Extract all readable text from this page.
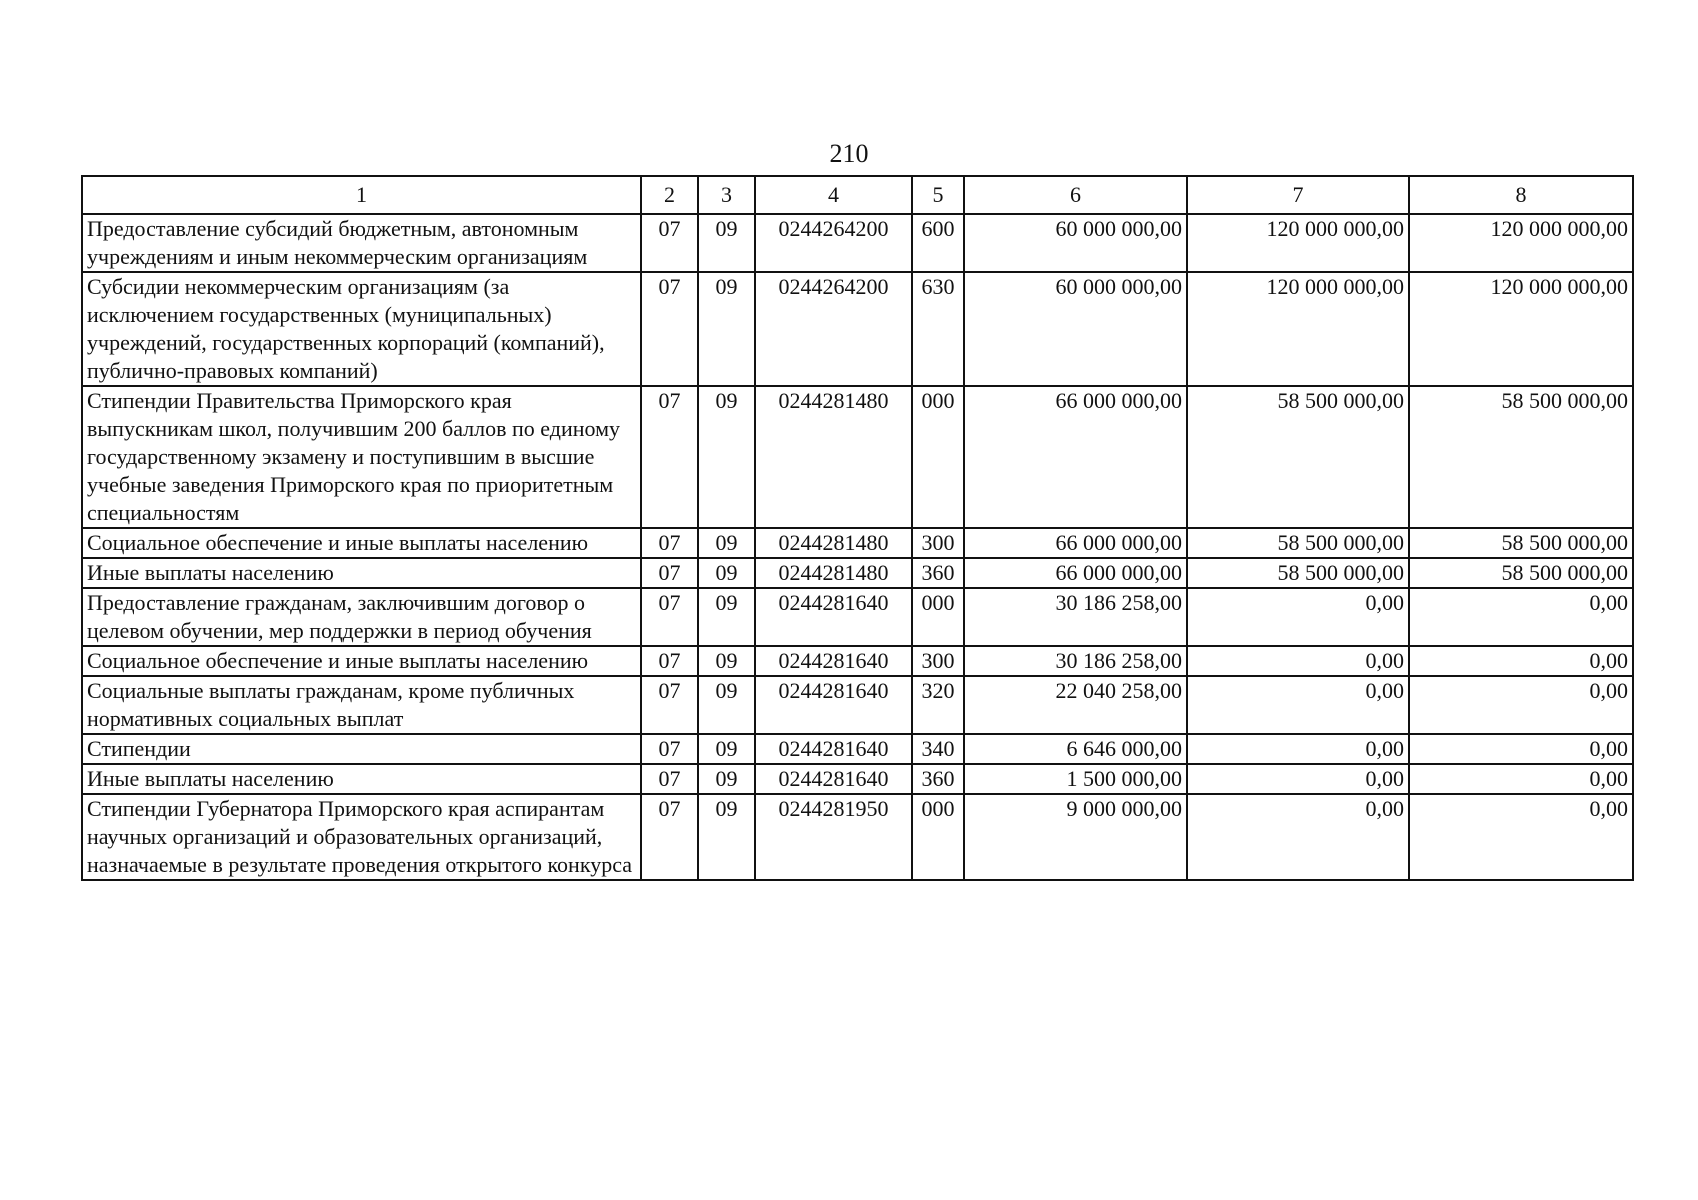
210
1	2	3	4	5	6	7	8
Предоставление субсидий бюджетным, автономным учреждениям и иным некоммерческим организациям	07	09	0244264200	600	60 000 000,00	120 000 000,00	120 000 000,00
Субсидии некоммерческим организациям (за исключением государственных (муниципальных) учреждений, государственных корпораций (компаний), публично-правовых компаний)	07	09	0244264200	630	60 000 000,00	120 000 000,00	120 000 000,00
Стипендии Правительства Приморского края выпускникам школ, получившим 200 баллов по единому государственному экзамену и поступившим в высшие учебные заведения Приморского края по приоритетным специальностям	07	09	0244281480	000	66 000 000,00	58 500 000,00	58 500 000,00
Социальное обеспечение и иные выплаты населению	07	09	0244281480	300	66 000 000,00	58 500 000,00	58 500 000,00
Иные выплаты населению	07	09	0244281480	360	66 000 000,00	58 500 000,00	58 500 000,00
Предоставление гражданам, заключившим договор о целевом обучении, мер поддержки в период обучения	07	09	0244281640	000	30 186 258,00	0,00	0,00
Социальное обеспечение и иные выплаты населению	07	09	0244281640	300	30 186 258,00	0,00	0,00
Социальные выплаты гражданам, кроме публичных нормативных социальных выплат	07	09	0244281640	320	22 040 258,00	0,00	0,00
Стипендии	07	09	0244281640	340	6 646 000,00	0,00	0,00
Иные выплаты населению	07	09	0244281640	360	1 500 000,00	0,00	0,00
Стипендии Губернатора Приморского края аспирантам научных организаций и образовательных организаций, назначаемые в результате проведения открытого конкурса	07	09	0244281950	000	9 000 000,00	0,00	0,00
